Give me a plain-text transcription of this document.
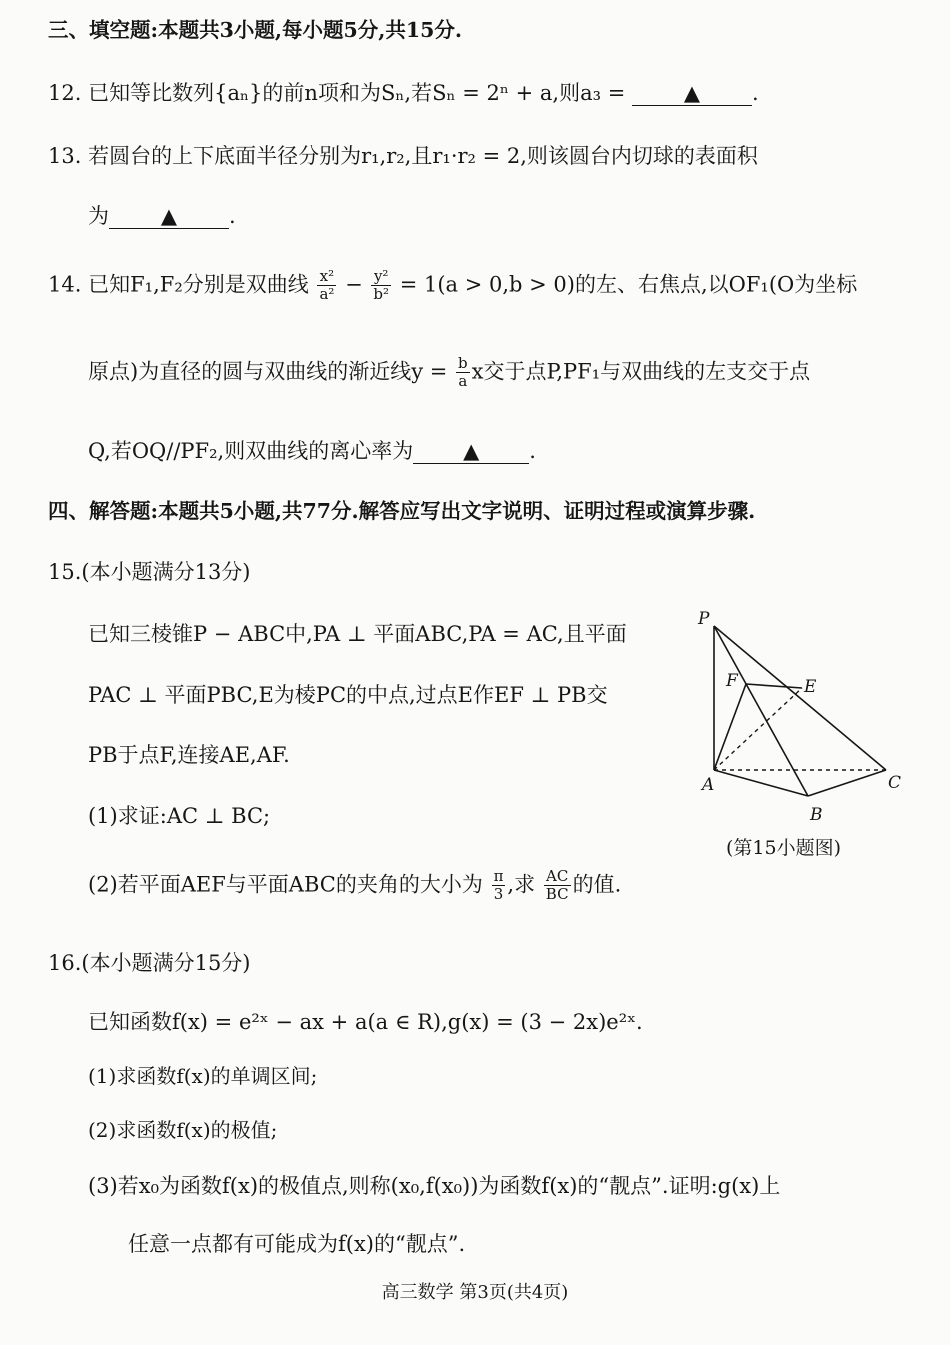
三、填空题:本题共3小题,每小题5分,共15分.
12. 已知等比数列{aₙ}的前n项和为Sₙ,若Sₙ = 2ⁿ + a,则a₃ =	▲ .
13. 若圆台的上下底面半径分别为r₁,r₂,且r₁·r₂ = 2,则该圆台内切球的表面积
为 ▲ .
14. 已知F₁,F₂分别是双曲线 $\frac{\text{x²}}{\text{a²}} - \frac{\text{y²}}{\text{b²}} = 1(a > 0,b > 0)$的左、右焦点,以OF₁(O为坐标
原点)为直径的圆与双曲线的渐近线$y = \frac{b}{a}$ x交于点P,PF₁与双曲线的左支交于点
Q,若OQ//PF₂,则双曲线的离心率为 ▲ .
四、解答题:本题共5小题,共77分.解答应写出文字说明、证明过程或演算步骤.
15.(本小题满分13分)
已知三棱锥P − ABC中,PA ⊥ 平面ABC,PA = AC,且平面
PAC ⊥ 平面PBC,E为棱PC的中点,过点E作EF ⊥ PB交
PB于点F,连接AE,AF.
(1)求证:AC ⊥ BC;
(2)若平面AEF与平面ABC的夹角的大小为 $\frac{\pi}{3}$ ,求 $\frac{AC}{BC}$ 的值.
P
F	E
A
B
C
(第15小题图)
16.(本小题满分15分)
已知函数f(x) = e²ˣ − ax + a(a ∈ R),g(x) = (3 − 2x)e²ˣ.
(1)求函数f(x)的单调区间;
(2)求函数f(x)的极值;
(3)若x₀为函数f(x)的极值点,则称(x₀,f(x₀))为函数f(x)的“靓点”.证明:g(x)上
任意一点都有可能成为f(x)的“靓点”.
高三数学 第3页(共4页)
